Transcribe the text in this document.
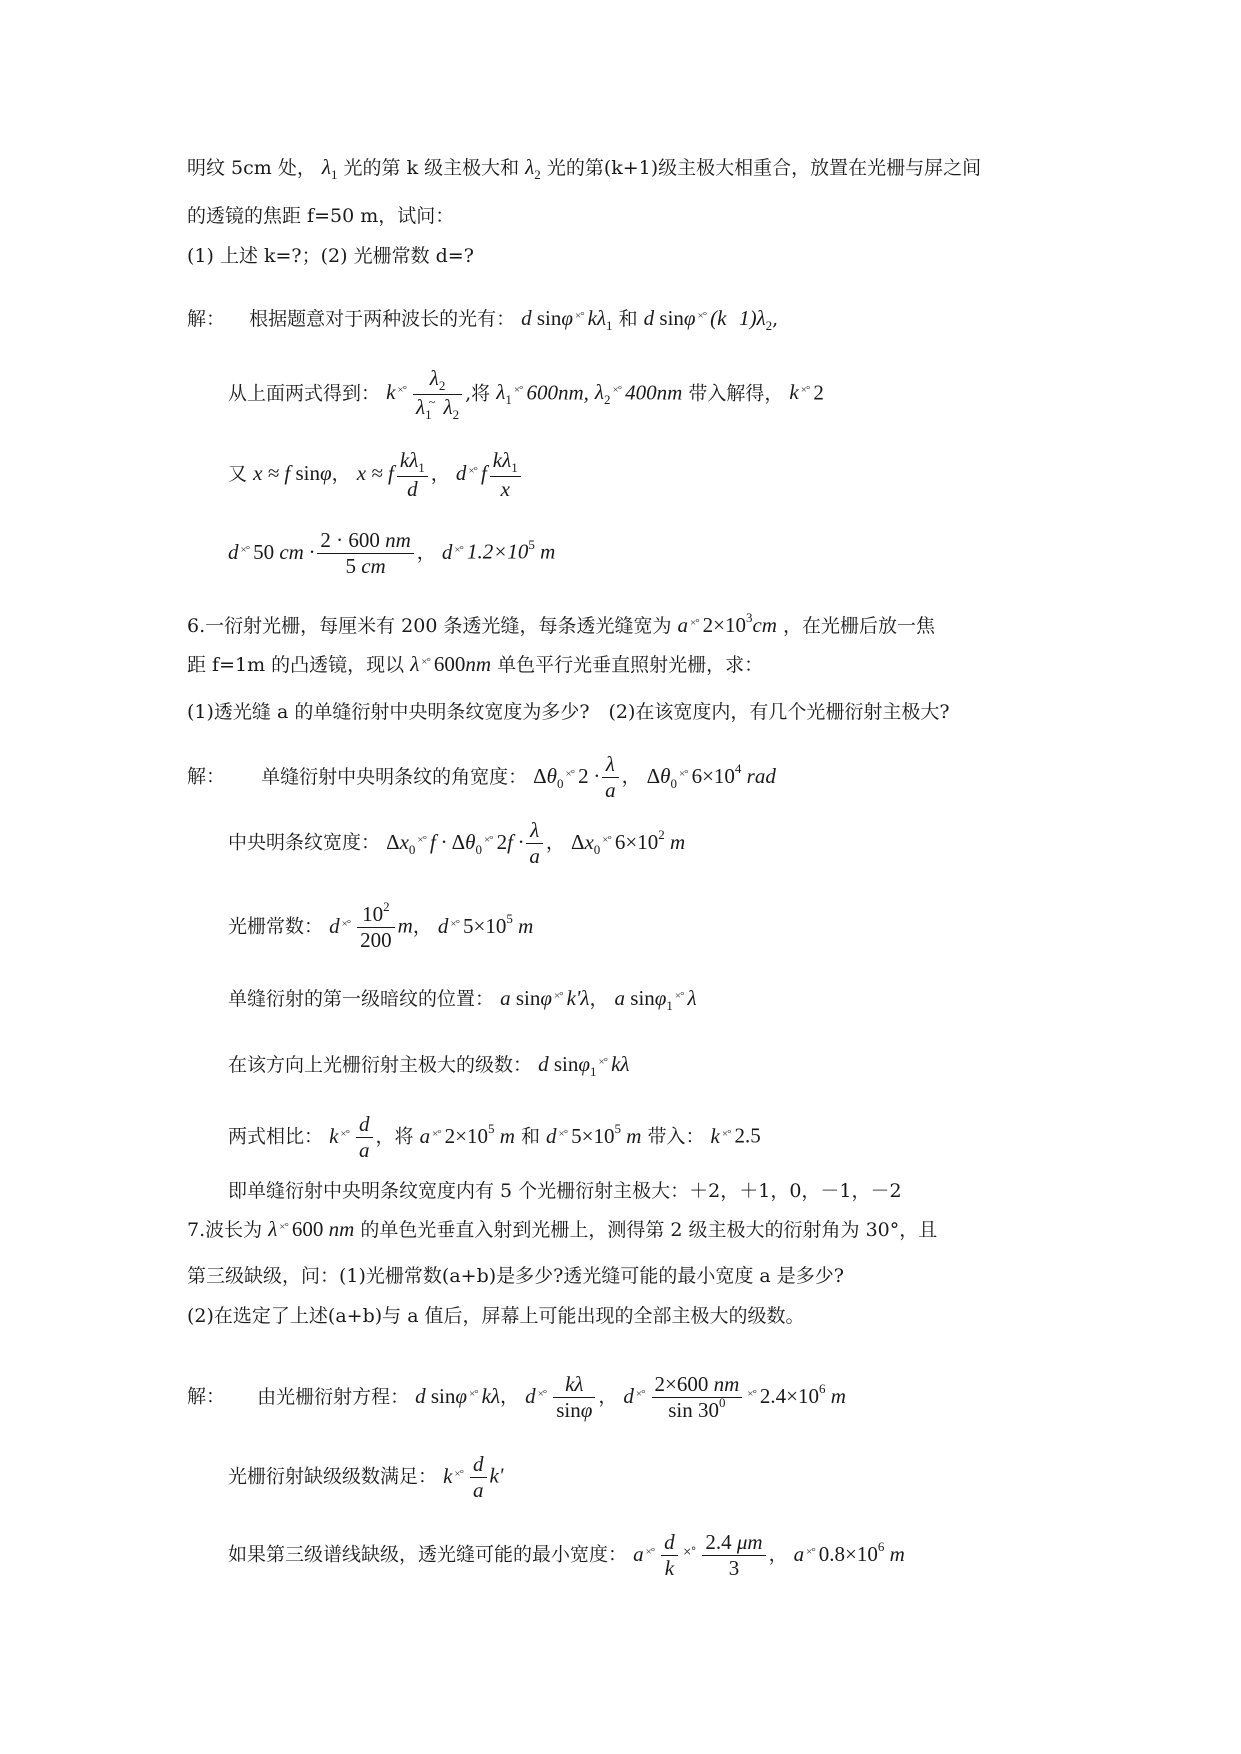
明纹 5cm 处， $\lambda_1$ 光的第 k 级主极大和 $\lambda_2$ 光的第(k+1)级主极大相重合，放置在光栅与屏之间
的透镜的焦距 f=50 m，试问：
(1) 上述 k=?；(2) 光栅常数 d=?
解： 根据题意对于两种波长的光有： d sinφ ×° $k\lambda_1$ 和 d sinφ ×° (k   $1)\lambda_2$,
从上面两式得到： k ×° $\frac{\lambda_2}{\lambda_1^\sim \lambda_2}$ ,将 $\lambda_1\times^\circ$ 600nm, $\lambda_2\times^\circ$ 400nm 带入解得， k ×° 2
又 x ≈ f sinφ， x ≈ f $\frac{k\lambda_1}{d}$ ， d ×° f $\frac{k\lambda_1}{x}$
d ×° 50 cm · $\frac{2 \cdot 600 nm}{5 cm}$ ， d ×° $1.2\times 10^5$ m
6.一衍射光栅，每厘米有 200 条透光缝，每条透光缝宽为 a ×° $2\times 10^3cm$ ，在光栅后放一焦
距 f=1m 的凸透镜，现以 λ ×° 600nm 单色平行光垂直照射光栅，求：
(1)透光缝 a 的单缝衍射中央明条纹宽度为多少?　(2)在该宽度内，有几个光栅衍射主极大?
解： 单缝衍射中央明条纹的角宽度： $\Delta\theta_0\times^\circ$ $2 \cdot \frac{\lambda}{a}$ ， $\Delta\theta_0\times^\circ$ $6\times 10^4$ rad
中央明条纹宽度： $\Delta x_0\times^\circ$ $f \cdot \Delta\theta_0\times^\circ$ $2f \cdot \frac{\lambda}{a}$ ， $\Delta x_0\times^\circ$ $6\times 10^2$ m
光栅常数： d ×° $\frac{10^2}{200}$ m， d ×° $5\times 10^5$ m
单缝衍射的第一级暗纹的位置： a sinφ ×° k'λ， a sinφ$_1$×° λ
在该方向上光栅衍射主极大的级数： d sinφ$_1$×° kλ
两式相比： k ×° $\frac{d}{a}$ ，将 a ×° $2\times 10^5$ m 和 d ×° $5\times 10^5$ m 带入： k ×° 2.5
即单缝衍射中央明条纹宽度内有 5 个光栅衍射主极大：＋2，＋1，0，－1，－2
7.波长为 λ ×° 600 nm 的单色光垂直入射到光栅上，测得第 2 级主极大的衍射角为 30°，且
第三级缺级，问：(1)光栅常数(a+b)是多少?透光缝可能的最小宽度 a 是多少?
(2)在选定了上述(a+b)与 a 值后，屏幕上可能出现的全部主极大的级数。
解： 由光栅衍射方程： d sinφ ×° kλ， d ×° $\frac{k\lambda}{\sin\varphi}$ ， d ×° $\frac{2\times 600 nm}{\sin 30^0}$ ×° $2.4\times 10^6$ m
光栅衍射缺级级数满足： k ×° $\frac{d}{a} k'$
如果第三级谱线缺级，透光缝可能的最小宽度： a ×° $\frac{d}{k}$ ×° $\frac{2.4 \mu m}{3}$ ， a ×° $0.8\times 10^6$ m
